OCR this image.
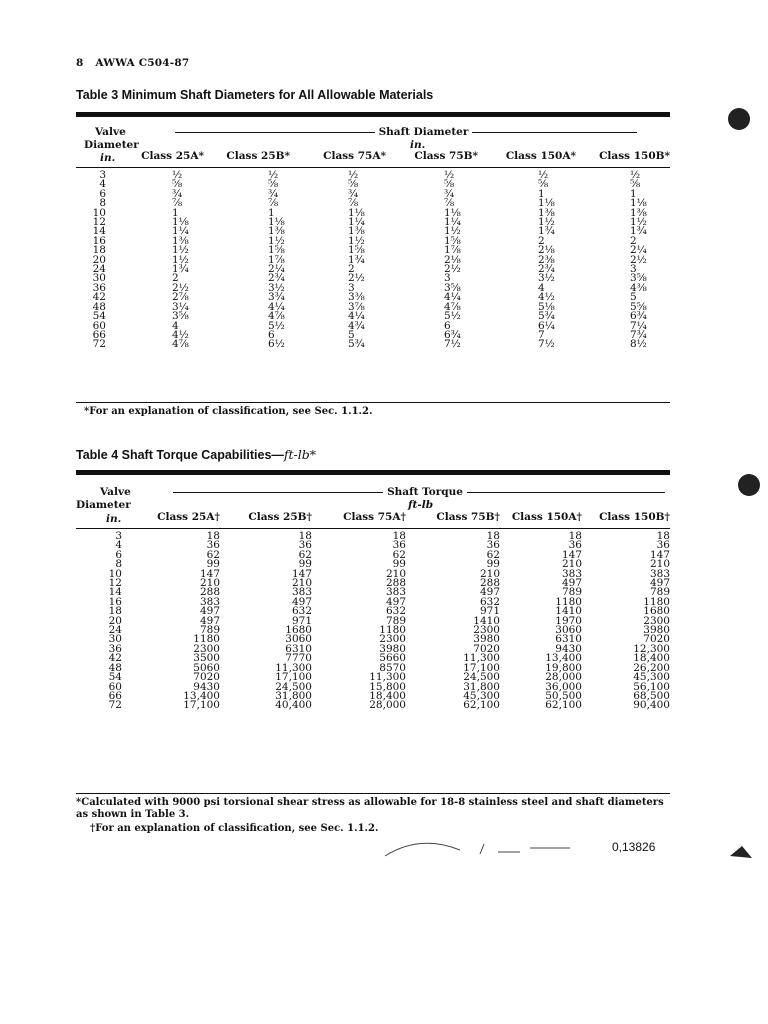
8 AWWA C504-87
Table 3 Minimum Shaft Diameters for All Allowable Materials
Valve
Diameter
in.
Shaft Diameter
in.
	Class 25A*	Class 25B*	Class 75A*	Class 75B*	Class 150A*	Class 150B*
3	½	½	½	½	½	½
4	⅝	⅝	⅝	⅝	⅝	⅝
6	¾	¾	¾	¾	1	1
8	⅞	⅞	⅞	⅞	1⅛	1⅛
10	1	1	1⅛	1⅛	1⅜	1⅜
12	1⅛	1⅛	1¼	1¼	1½	1½
14	1¼	1⅜	1⅜	1½	1¾	1¾
16	1⅜	1½	1½	1⅝	2	2
18	1½	1⅝	1⅝	1⅞	2⅛	2¼
20	1½	1⅞	1¾	2⅛	2⅜	2½
24	1¾	2¼	2	2½	2¾	3
30	2	2¾	2½	3	3½	3⅝
36	2½	3½	3	3⅝	4	4⅜
42	2⅞	3¾	3⅜	4¼	4½	5
48	3¼	4¼	3⅞	4⅞	5⅛	5⅝
54	3⅝	4⅞	4¼	5½	5¾	6¾
60	4	5½	4¾	6	6¼	7¼
66	4½	6	5	6¾	7	7¾
72	4⅞	6½	5¾	7½	7½	8½
*For an explanation of classification, see Sec. 1.1.2.
Table 4 Shaft Torque Capabilities—ft-lb*
Valve
Diameter
in.
Shaft Torque
ft-lb
	Class 25A†	Class 25B†	Class 75A†	Class 75B†	Class 150A†	Class 150B†
3	18	18	18	18	18	18
4	36	36	36	36	36	36
6	62	62	62	62	147	147
8	99	99	99	99	210	210
10	147	147	210	210	383	383
12	210	210	288	288	497	497
14	288	383	383	497	789	789
16	383	497	497	632	1180	1180
18	497	632	632	971	1410	1680
20	497	971	789	1410	1970	2300
24	789	1680	1180	2300	3060	3980
30	1180	3060	2300	3980	6310	7020
36	2300	6310	3980	7020	9430	12,300
42	3500	7770	5660	11,300	13,400	18,400
48	5060	11,300	8570	17,100	19,800	26,200
54	7020	17,100	11,300	24,500	28,000	45,300
60	9430	24,500	15,800	31,800	36,000	56,100
66	13,400	31,800	18,400	45,300	50,500	68,500
72	17,100	40,400	28,000	62,100	62,100	90,400
*Calculated with 9000 psi torsional shear stress as allowable for 18-8 stainless steel and shaft diameters as shown in Table 3.
†For an explanation of classification, see Sec. 1.1.2.
0,13826
